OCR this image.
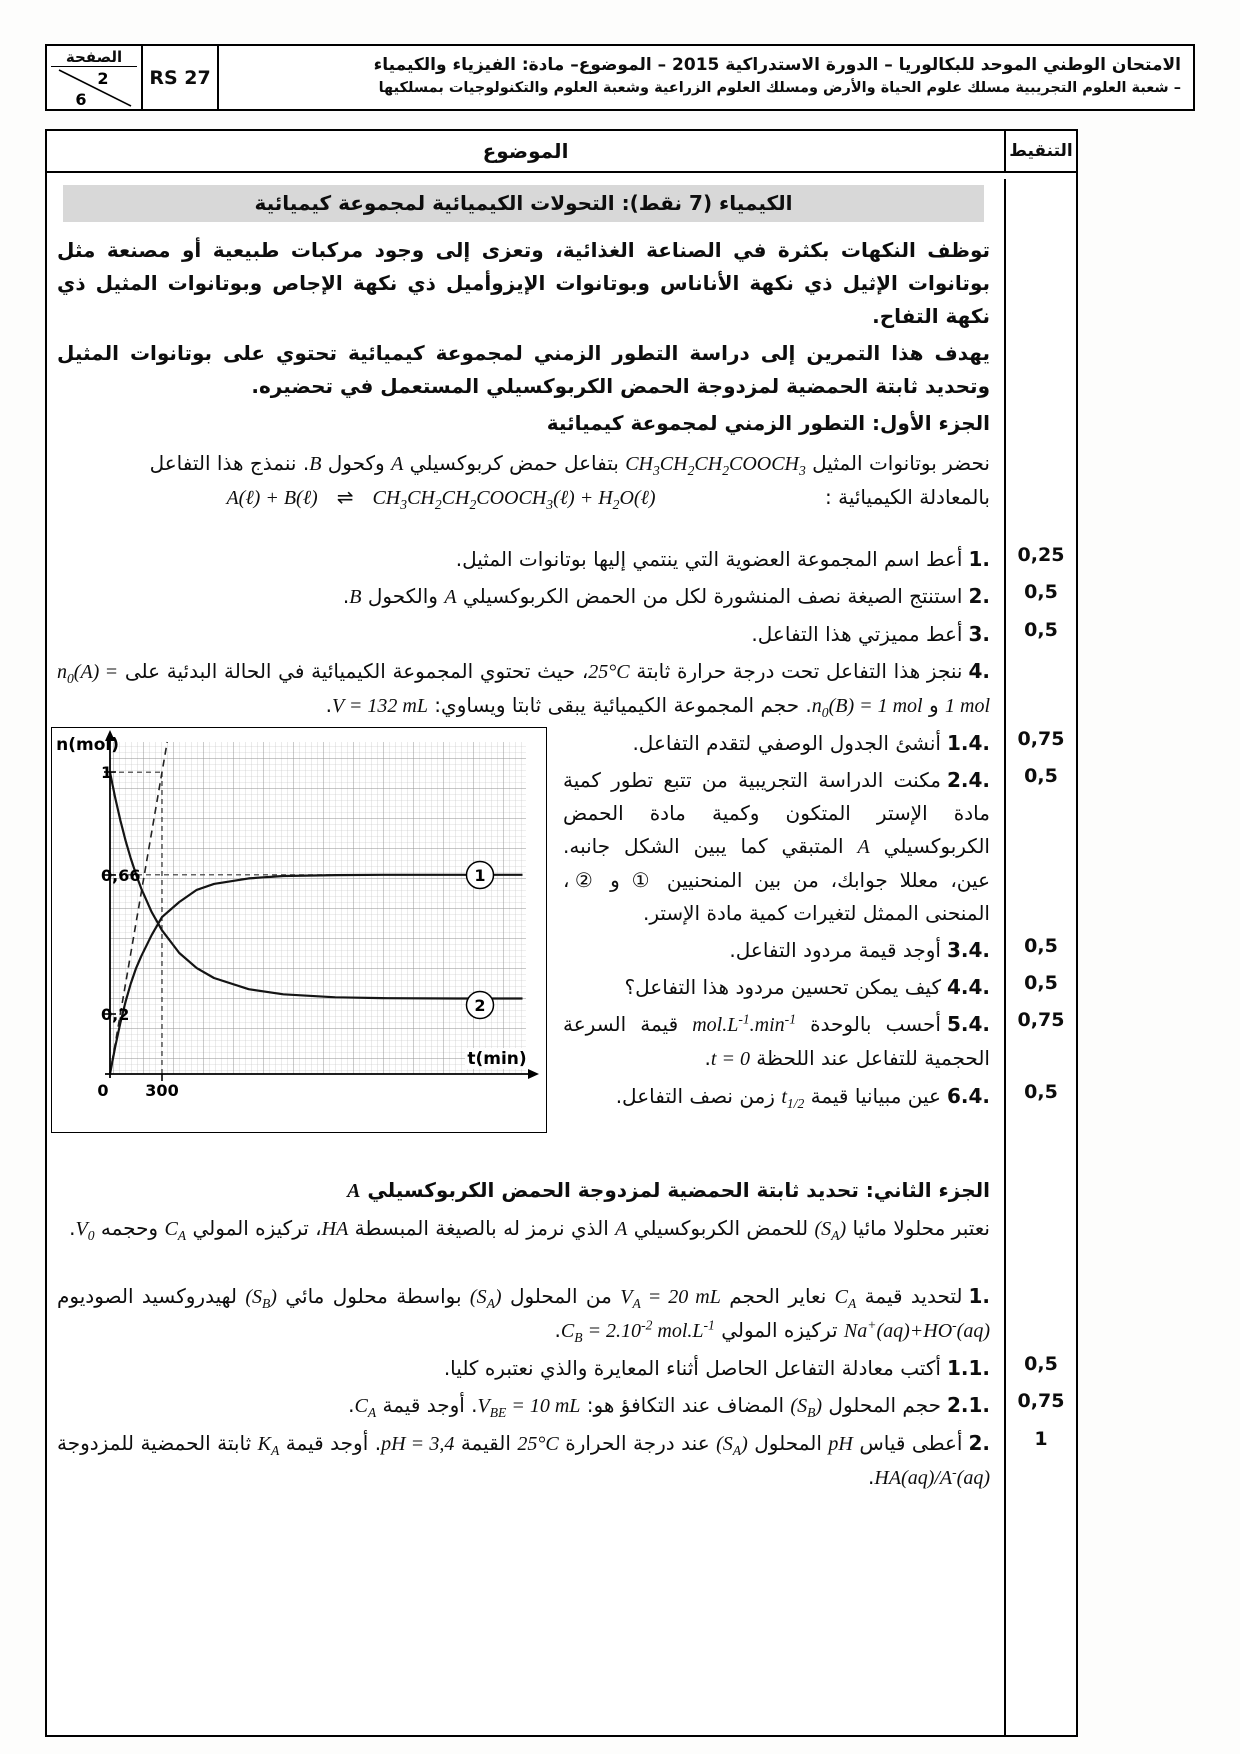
الامتحان الوطني الموحد للبكالوريا – الدورة الاستدراكية 2015 – الموضوع– مادة: الفيزياء والكيمياء
– شعبة العلوم التجريبية مسلك علوم الحياة والأرض ومسلك العلوم الزراعية وشعبة العلوم والتكنولوجيات بمسلكيها
RS 27
الصفحة
2
6
التنقيط
الموضوع
الكيمياء (7 نقط): التحولات الكيميائية لمجموعة كيميائية

توظف النكهات بكثرة في الصناعة الغذائية، وتعزى إلى وجود مركبات طبيعية أو مصنعة مثل بوتانوات الإثيل ذي نكهة الأناناس وبوتانوات الإيزوأميل ذي نكهة الإجاص وبوتانوات المثيل ذي نكهة التفاح.

يهدف هذا التمرين إلى دراسة التطور الزمني لمجموعة كيميائية تحتوي على بوتانوات المثيل وتحديد ثابتة الحمضية لمزدوجة الحمض الكربوكسيلي المستعمل في تحضيره.

الجزء الأول: التطور الزمني لمجموعة كيميائية

نحضر بوتانوات المثيل $CH_3CH_2CH_2COOCH_3$ بتفاعل حمض كربوكسيلي A وكحول B. ننمذج هذا التفاعل

بالمعادلة الكيميائية :
A(ℓ) + B(ℓ) ⇌ $CH_3CH_2CH_2COOCH_3(\ell)$ + $H_2O(\ell)$
0,25
1.أعط اسم المجموعة العضوية التي ينتمي إليها بوتانوات المثيل.
0,5
2.استنتج الصيغة نصف المنشورة لكل من الحمض الكربوكسيلي A والكحول B.
0,5
3.أعط مميزتي هذا التفاعل.
4.ننجز هذا التفاعل تحت درجة حرارة ثابتة 25°C، حيث تحتوي المجموعة الكيميائية في الحالة البدئية على $n_0(A) = 1$ mol و $n_0(B) = 1$ mol. حجم المجموعة الكيميائية يبقى ثابتا ويساوي: V = 132 mL.
0,75
1.4.أنشئ الجدول الوصفي لتقدم التفاعل.
1
0,66
0,2
0 300
n(mol)
t(min)
1
2
0,5
2.4.مكنت الدراسة التجريبية من تتبع تطور كمية مادة الإستر المتكون وكمية مادة الحمض الكربوكسيلي A المتبقي كما يبين الشكل جانبه. عين، معللا جوابك، من بين المنحنيين ① و ②، المنحنى الممثل لتغيرات كمية مادة الإستر.
0,5
3.4.أوجد قيمة مردود التفاعل.
0,5
4.4.كيف يمكن تحسين مردود هذا التفاعل؟
0,75
5.4.أحسب بالوحدة $mol.L^{-1}.\min^{-1}$ قيمة السرعة الحجمية للتفاعل عند اللحظة t = 0.
0,5
6.4.عين مبيانيا قيمة $t_{1/2}$ زمن نصف التفاعل.
الجزء الثاني: تحديد ثابتة الحمضية لمزدوجة الحمض الكربوكسيلي A

نعتبر محلولا مائيا $(S_A)$ للحمض الكربوكسيلي A الذي نرمز له بالصيغة المبسطة HA، تركيزه المولي $C_A$ وحجمه $V_0$.

1.لتحديد قيمة $C_A$ نعاير الحجم $V_A = 20$ mL من المحلول $(S_A)$ بواسطة محلول مائي $(S_B)$ لهيدروكسيد الصوديوم Na+(aq)+HO-(aq) تركيزه المولي $C_B = 2.10^{-2}$ $mol.L^{-1}$.
0,5
1.1.أكتب معادلة التفاعل الحاصل أثناء المعايرة والذي نعتبره كليا.
0,75
2.1.حجم المحلول $(S_B)$ المضاف عند التكافؤ هو: $V_{BE} = 10$ mL. أوجد قيمة $C_A$.
1
2.أعطى قياس pH المحلول $(S_A)$ عند درجة الحرارة 25°C القيمة pH = 3,4. أوجد قيمة $K_A$ ثابتة الحمضية للمزدوجة HA(aq)/A-(aq).
